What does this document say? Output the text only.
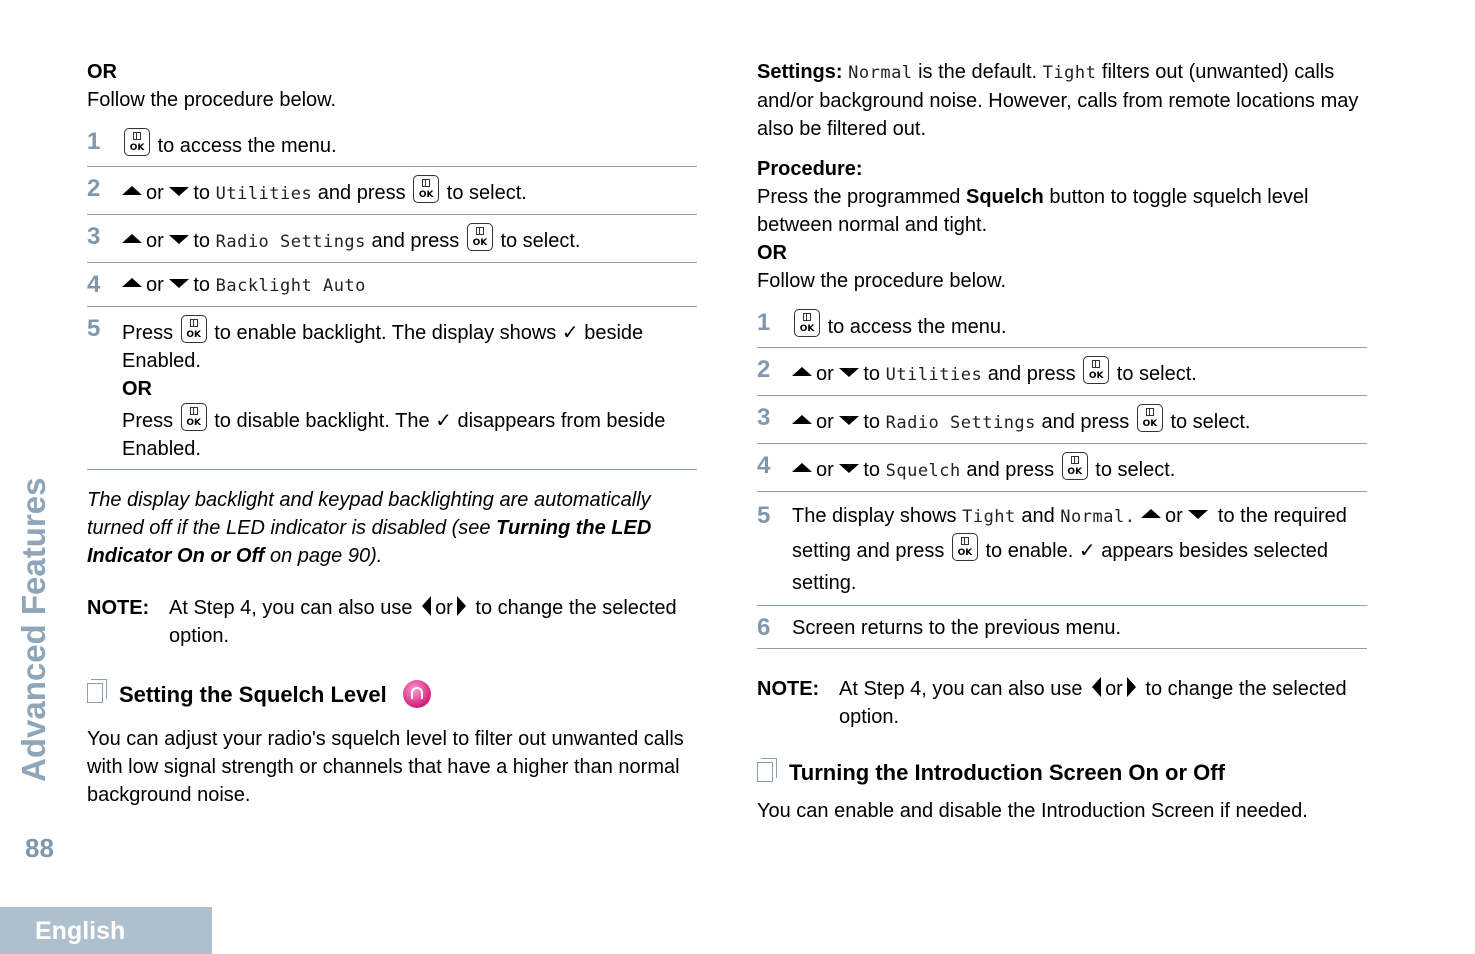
OR

Follow the procedure below.

1	OK to access the menu.
2 or to Utilities and press	OK to select.
3 or to Radio Settings and press	OK to select.
4 or to Backlight Auto
5 Press	OK to enable backlight. The display shows ✓ beside Enabled.
OR
Press	OK to disable backlight. The ✓ disappears from beside Enabled.

The display backlight and keypad backlighting are automatically turned off if the LED indicator is disabled (see Turning the LED Indicator On or Off on page 90).

NOTE: At Step 4, you can also use or to change the selected option.
Setting the Squelch Level

You can adjust your radio's squelch level to filter out unwanted calls with low signal strength or channels that have a higher than normal background noise.

Settings: Normal is the default. Tight filters out (unwanted) calls and/or background noise. However, calls from remote locations may also be filtered out.

Procedure:

Press the programmed Squelch button to toggle squelch level between normal and tight.

OR

Follow the procedure below.

1	OK to access the menu.
2 or to Utilities and press	OK to select.
3 or to Radio Settings and press	OK to select.
4 or to Squelch and press	OK to select.
5 The display shows Tight and Normal. or to the required setting and press	OK to enable. ✓ appears besides selected setting.
6 Screen returns to the previous menu.
NOTE: At Step 4, you can also use or to change the selected option.
Turning the Introduction Screen On or Off

You can enable and disable the Introduction Screen if needed.

Advanced Features
88
English
